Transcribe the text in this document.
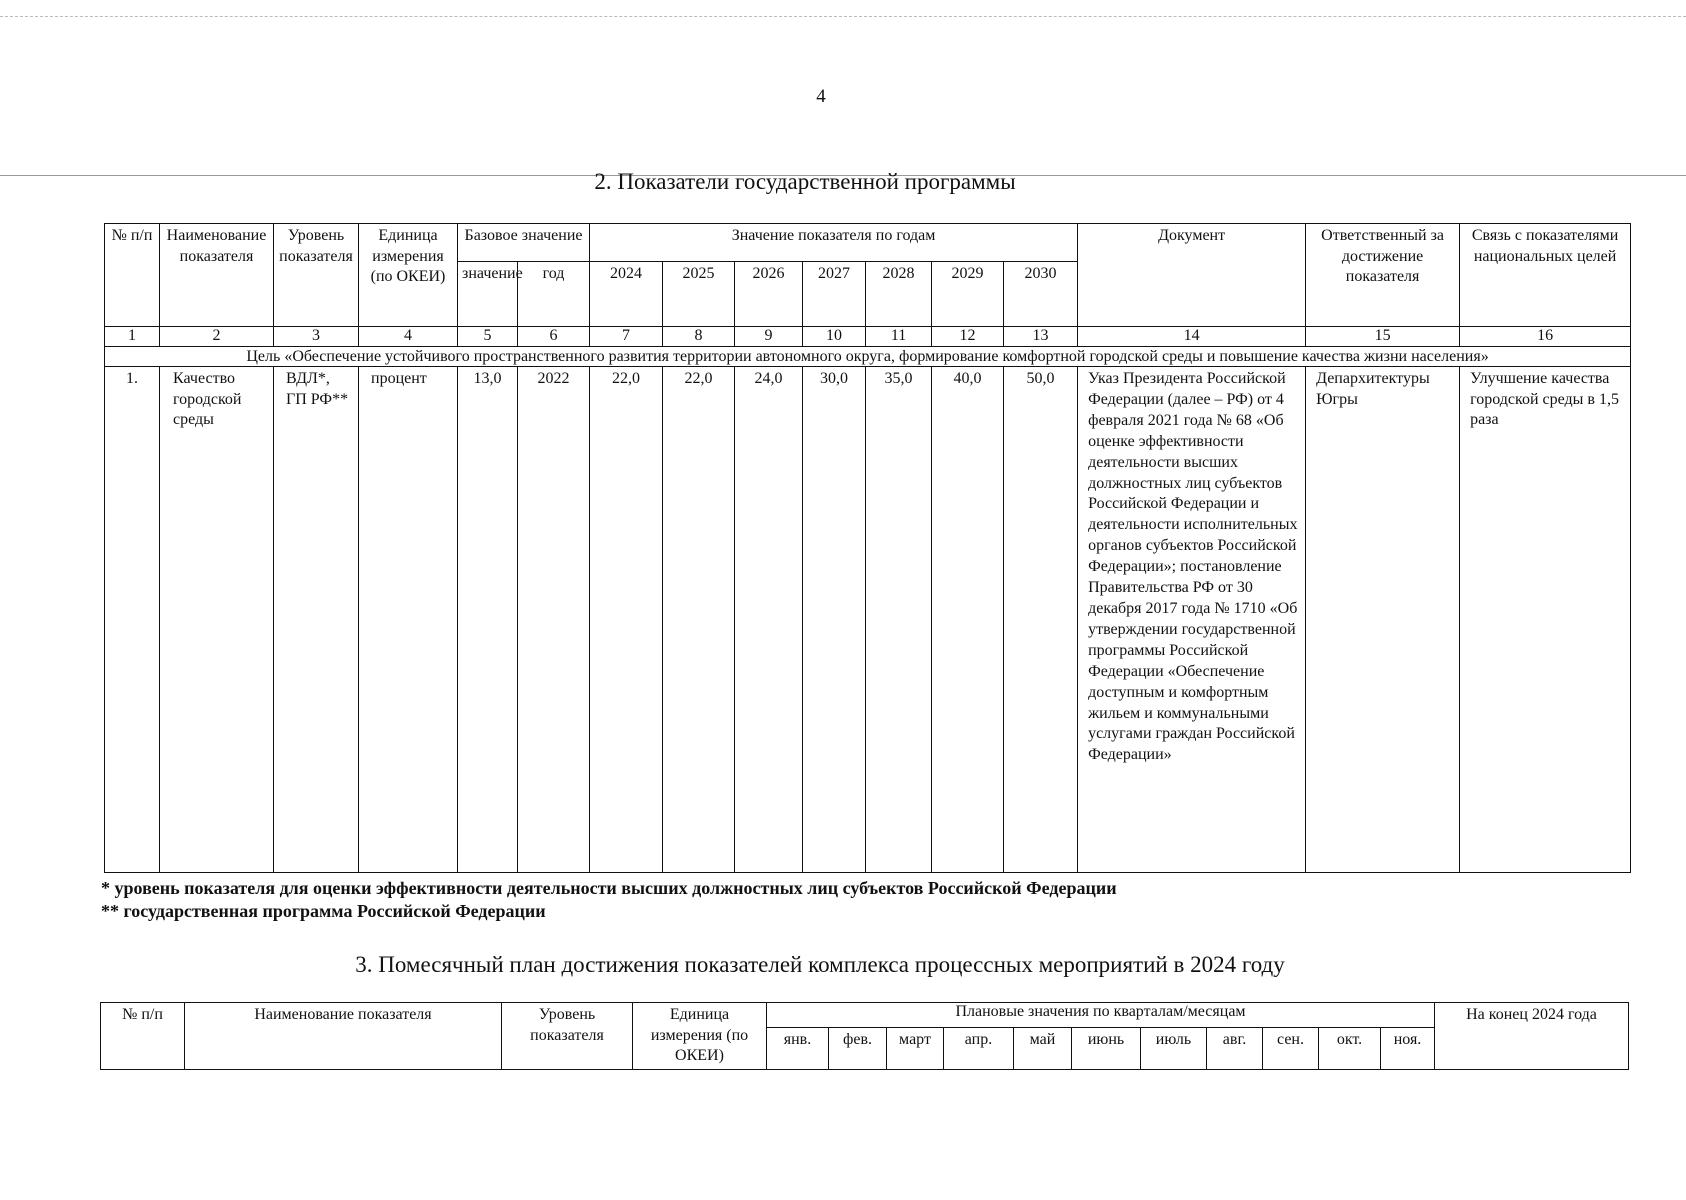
4
2. Показатели государственной программы
№ п/п	Наименование показателя	Уровень показателя	Единица измерения (по ОКЕИ)	Базовое значение		Значение показателя по годам							Документ	Ответственный за достижение показателя	Связь с показателями национальных целей
				значение	год	2024	2025	2026	2027	2028	2029	2030			
1	2	3	4	5	6	7	8	9	10	11	12	13	14	15	16
Цель «Обеспечение устойчивого пространственного развития территории автономного округа, формирование комфортной городской среды и повышение качества жизни населения»															
1.	Качество городской среды	ВДЛ*, ГП РФ**	процент	13,0	2022	22,0	22,0	24,0	30,0	35,0	40,0	50,0	Указ Президента Российской Федерации (далее – РФ) от 4 февраля 2021 года № 68 «Об оценке эффективности деятельности высших должностных лиц субъектов Российской Федерации и деятельности исполнительных органов субъектов Российской Федерации»; постановление Правительства РФ от 30 декабря 2017 года № 1710 «Об утверждении государственной программы Российской Федерации «Обеспечение доступным и комфортным жильем и коммунальными услугами граждан Российской Федерации»	Депархитектуры Югры	Улучшение качества городской среды в 1,5 раза
* уровень показателя для оценки эффективности деятельности высших должностных лиц субъектов Российской Федерации
** государственная программа Российской Федерации
3. Помесячный план достижения показателей комплекса процессных мероприятий в 2024 году
№ п/п	Наименование показателя	Уровень показателя	Единица измерения (по ОКЕИ)	Плановые значения по кварталам/месяцам											На конец 2024 года
				янв.	фев.	март	апр.	май	июнь	июль	авг.	сен.	окт.	ноя.	
